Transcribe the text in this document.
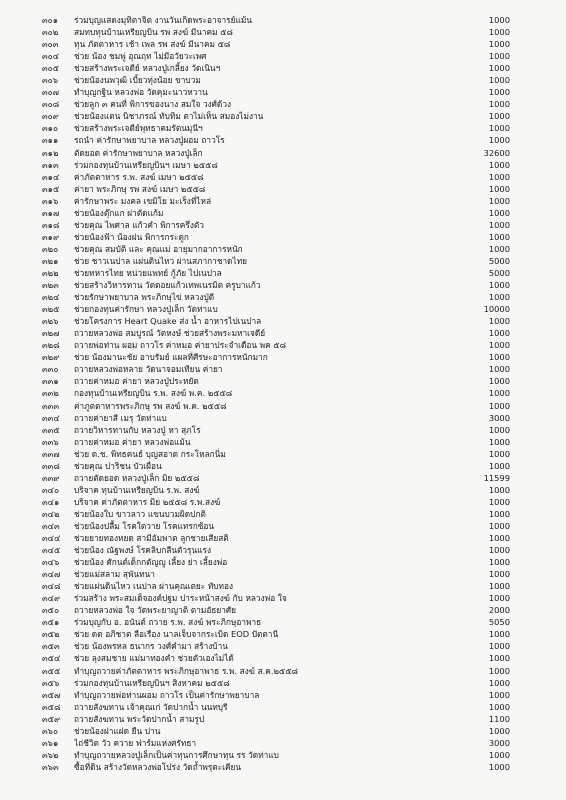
๓๐๑	ร่วมบุญแสดงมุทิตาจิต งานวันเกิดพระอาจารย์แม้น	1000
๓๐๒	สมทบทุนบ้านเหรียญบิน รพ สงฆ์ มีนาคม ๕๘	1000
๓๐๓	ทุน ภัตตาหาร เช้า เพล รพ สงฆ์ มีนาคม ๕๘	1000
๓๐๔	ช่วย น้อง ชมพู่ อุณฤท ไม่มีอวัยวะเพศ	1000
๓๐๕	ช่วยสร้างพระเจดีย์ หลวงปู่เกลี้ยง วัดเนินฯ	1000
๓๐๖	ช่วยน้องนพวุฒิ เบี้ยวทุ่งน้อย ขาบวม	1000
๓๐๗	ทำบุญกฐิน หลวงพ่อ วัดคุมะนาวหวาน	1000
๓๐๘	ช่วยลูก ๓ คนที่ พิการของนาง สมใจ วงศ์ด้วง	1000
๓๐๙	ช่วยน้องแตน นิชาภรณ์ ทับทิม ตาไม่เห็น สมองไม่งาน	1000
๓๑๐	ช่วยสร้างพระเจดีย์พุทธาคมรัตนมุนีฯ	1000
๓๑๑	รถนำ ค่ารักษาพยาบาล หลวงปู่ผอม ถาวโร	1000
๓๑๒	ตัดยอด ค่ารักษาพยาบาล หลวงปู่เล็ก	32600
๓๑๓	ร่วมกองทุนบ้านเหรียญบินฯ เมษา ๒๕๕๘	1000
๓๑๔	ค่าภัตตาหาร ร.พ. สงฆ์ เมษา ๒๕๕๘	1000
๓๑๕	ค่ายา พระภิกษุ รพ สงฆ์ เมษา ๒๕๕๘	1000
๓๑๖	ค่ารักษาพระ มงคล เขมิโย มะเร็งที่ไหล่	1000
๓๑๗	ช่วยน้องตุ๊กแก ผ่าตัดแก้ม	1000
๓๑๘	ช่วยคุณ ไพศาล แก้วคำ พิการครึ่งตัว	1000
๓๑๙	ช่วยน้องฟ้า น้องฝน พิการกระดูก	1000
๓๒๐	ช่วยคุณ สมบัติ และ คุณแม่ อายุมากอาการหนัก	1000
๓๒๑	ช่วย ชาวเนปาล แผ่นดินไหว ผ่านสภากาชาดไทย	5000
๓๒๒	ช่วยทหารไทย หน่วยแพทย์ กู้ภัย ไปเนปาล	5000
๓๒๓	ช่วยสร้างวิหารทาน วัดดอยแก้วเทพเนรมิต ครูบาแก้ว	1000
๓๒๔	ช่วยรักษาพยาบาล พระภิกษุไข่ หลวงปู่ดี	1000
๓๒๕	ช่วยกองทุนค่ารักษา หลวงปู่เล็ก วัดท่าแบ	10000
๓๒๖	ช่วยโครงการ Heart Quake ส่ง น้ำ อาหารไปเนปาล	1000
๓๒๗	ถวายหลวงพ่อ สมบูรณ์ วัดหงษ์ ช่วยสร้างพระมหาเจดีย์	1000
๓๒๘	ถวายพ่อท่าน ผอม ถาวโร ค่าหมอ ค่ายาประจำเดือน พค ๕๘	1000
๓๒๙	ช่วย น้องมานะชัย อาบรัมย์ แผลที่ศีรษะอาการหนักมาก	1000
๓๓๐	ถวายหลวงพ่อหลาย วัดนาจอมเทียน ค่ายา	1000
๓๓๑	ถวายค่าหมอ ค่ายา หลวงปู่ประหยัด	1000
๓๓๒	กองทุนบ้านเหรียญบิน ร.พ. สงฆ์ พ.ค. ๒๕๕๘	1000
๓๓๓	ค่าภูตตาหารพระภิกษุ รพ สงฆ์ พ.ค. ๒๕๕๘	1000
๓๓๔	ถวายค่ายาสี เมรุ วัดท่าแบ	3000
๓๓๕	ถวายวิหารทานกับ หลวงปู่ หา สุภโร	1000
๓๓๖	ถวายค่าหมอ ค่ายา หลวงพ่อแม้น	1000
๓๓๗	ช่วย ด.ช. พิทธคนธ์ บุญสอาด กระโหลกนิ่ม	1000
๓๓๘	ช่วยคุณ ปาริชน บัวเผื่อน	1000
๓๓๙	ถวายตัดยอด หลวงปู่เล็ก มิย ๒๕๕๘	11599
๓๔๐	บริจาค ทุนบ้านเหรียญบิน ร.พ. สงฆ์	1000
๓๔๑	บริจาค ค่าภัตตาหาร มิย ๒๕๕๘ ร.พ.สงฆ์	1000
๓๔๒	ช่วยน้องใบ ขาวลาว แขนบวมผิดปกติ	1000
๓๔๓	ช่วยน้องปลื้ม โรคใตวาย โรคแทรกซ้อน	1000
๓๔๔	ช่วยยายทองหยด สามีอัมพาต ลูกชายเสียสติ	1000
๓๔๕	ช่วยน้อง ณัฐพงษ์ โรคลิบกลืนตัวรุนแรง	1000
๓๔๖	ช่วยน้อง ศักนต์เด็กกตัญญู เลี้ยง ย่า เลี้ยงพ่อ	1000
๓๔๗	ช่วยแม่สลาม สุพันทนา	1000
๓๔๘	ช่วยแผ่นดินไหว เนปาล ผ่านคุณเตยะ ทับทอง	1000
๓๔๙	ร่วมสร้าง พระสมเด็จองค์ปฐม ปาระหน้าสงฆ์ กับ หลวงพ่อ ใจ	1000
๓๕๐	ถวายหลวงพ่อ ใจ วัดพระยาญาติ ตามอัธยาศัย	2000
๓๕๑	ร่วมบุญกับ อ. อนันต์ ถวาย ร.พ. สงฆ์ พระภิกษุอาพาธ	5050
๓๕๒	ช่วย ดต อภิชาต ลือเรือง นาลเจ็บจากระเบิด EOD ปัตตานี	1000
๓๕๓	ช่วย น้องพรหล ธนากร วงศ์คำมา สร้างบ้าน	1000
๓๕๔	ช่วย ลุงสมชาย แม่มาทองคำ ช่วยตัวเองไม่ได้	1000
๓๕๕	ทำบุญถวายค่าภัตตาหาร พระภิกษุอาพาธ ร.พ. สงฆ์ ส.ค.๒๕๕๘	1000
๓๕๖	ร่วมกองทุนบ้านเหรียญบินฯ สิงหาคม ๒๕๕๘	1000
๓๕๗	ทำบุญถวายพ่อท่านผอม ถาวโร เป็นค่ารักษาพยาบาล	1000
๓๕๘	ถวายสังฆทาน เจ้าคุณเก่ วัดปากน้ำ นนทบุรี	1000
๓๕๙	ถวายสังฆทาน พระวัดปากน้ำ สามรูป	1100
๓๖๐	ช่วยน้องฝาแฝด ยืน ปาน	1000
๓๖๑	ไถ่ชีวิต วัว ควาย ฟาร์มแห่งศรัทธา	3000
๓๖๒	ทำบุญถวายหลวงปู่เล็กเป็นค่าทุนการศึกษาทุน รร วัดท่าแบ	1000
๓๖๓	ซื้อที่ดิน สร้างวัดหลวงพ่อโปร่ง วัดถ้ำพรุตะเคียน	1000
